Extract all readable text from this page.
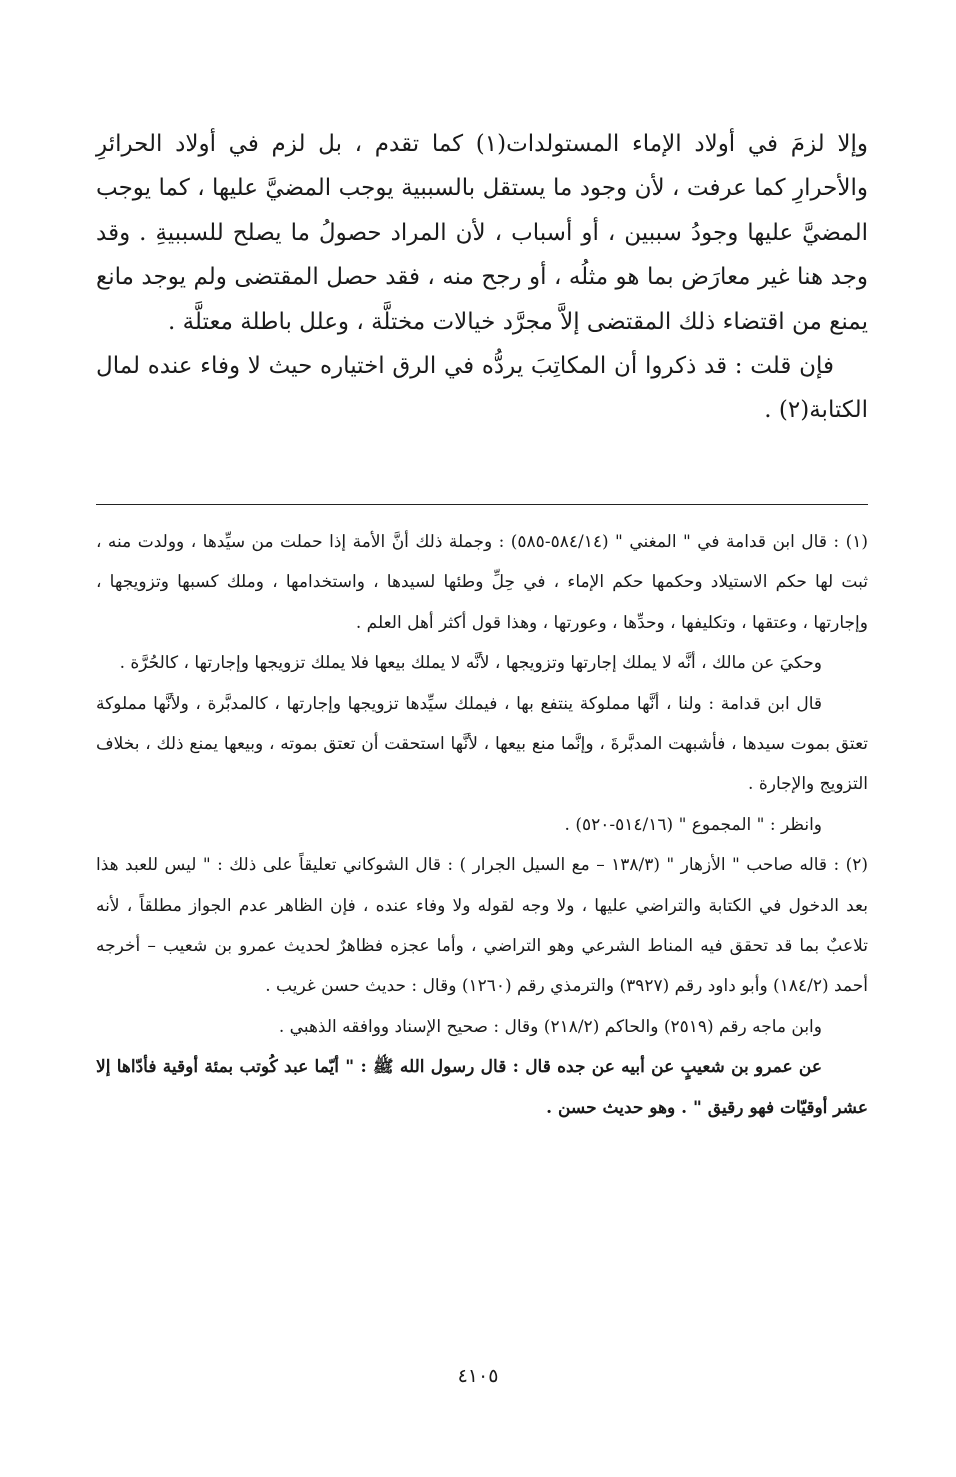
وإلا لزمَ في أولاد الإماء المستولدات(١) كما تقدم ، بل لزم في أولاد الحرائرِ والأحرارِ كما عرفت ، لأن وجود ما يستقل بالسببية يوجب المضيَّ عليها ، كما يوجب المضيَّ عليها وجودُ سببين ، أو أسباب ، لأن المراد حصولُ ما يصلح للسببيةِ . وقد وجد هنا غير معارَض بما هو مثلُه ، أو رجح منه ، فقد حصل المقتضى ولم يوجد مانع يمنع من اقتضاء ذلك المقتضى إلاَّ مجرَّد خيالات مختلَّة ، وعلل باطلة معتلَّة .

فإن قلت : قد ذكروا أن المكاتِبَ يردُّه في الرق اختياره حيث لا وفاء عنده لمال الكتابة(٢) .

(١) : قال ابن قدامة في " المغني " (٥٨٤/١٤-٥٨٥) : وجملة ذلك أنَّ الأمة إذا حملت من سيِّدها ، وولدت منه ، ثبت لها حكم الاستيلاد وحكمها حكم الإماء ، في حِلِّ وطئها لسيدها ، واستخدامها ، وملك كسبها وتزويجها ، وإجارتها ، وعتقها ، وتكليفها ، وحدِّها ، وعورتها ، وهذا قول أكثر أهل العلم .

وحكيَ عن مالك ، أنَّه لا يملك إجارتها وتزويجها ، لأنَّه لا يملك بيعها فلا يملك تزويجها وإجارتها ، كالحُرَّة .

قال ابن قدامة : ولنا ، أنَّها مملوكة ينتفع بها ، فيملك سيِّدها تزويجها وإجارتها ، كالمدبَّرة ، ولأنَّها مملوكة تعتق بموت سيدها ، فأشبهت المدبَّرةَ ، وإنَّما منع بيعها ، لأنَّها استحقت أن تعتق بموته ، وبيعها يمنع ذلك ، بخلاف التزويج والإجارة .

وانظر : " المجموع " (٥١٤/١٦-٥٢٠) .

(٢) : قاله صاحب " الأزهار " (١٣٨/٣ – مع السيل الجرار ) : قال الشوكاني تعليقاً على ذلك : " ليس للعبد هذا بعد الدخول في الكتابة والتراضي عليها ، ولا وجه لقوله ولا وفاء عنده ، فإن الظاهر عدم الجواز مطلقاً ، لأنه تلاعبٌ بما قد تحقق فيه المناط الشرعي وهو التراضي ، وأما عجزه فظاهرٌ لحديث عمرو بن شعيب – أخرجه أحمد (١٨٤/٢) وأبو داود رقم (٣٩٢٧) والترمذي رقم (١٢٦٠) وقال : حديث حسن غريب .

وابن ماجه رقم (٢٥١٩) والحاكم (٢١٨/٢) وقال : صحيح الإسناد ووافقه الذهبي .

عن عمرو بن شعيبٍ عن أبيه عن جده قال : قال رسول الله ﷺ : " أيّما عبد كُوتب بمئة أوقية فأدّاها إلا عشر أوقيّات فهو رقيق " . وهو حديث حسن .

٤١٠٥
